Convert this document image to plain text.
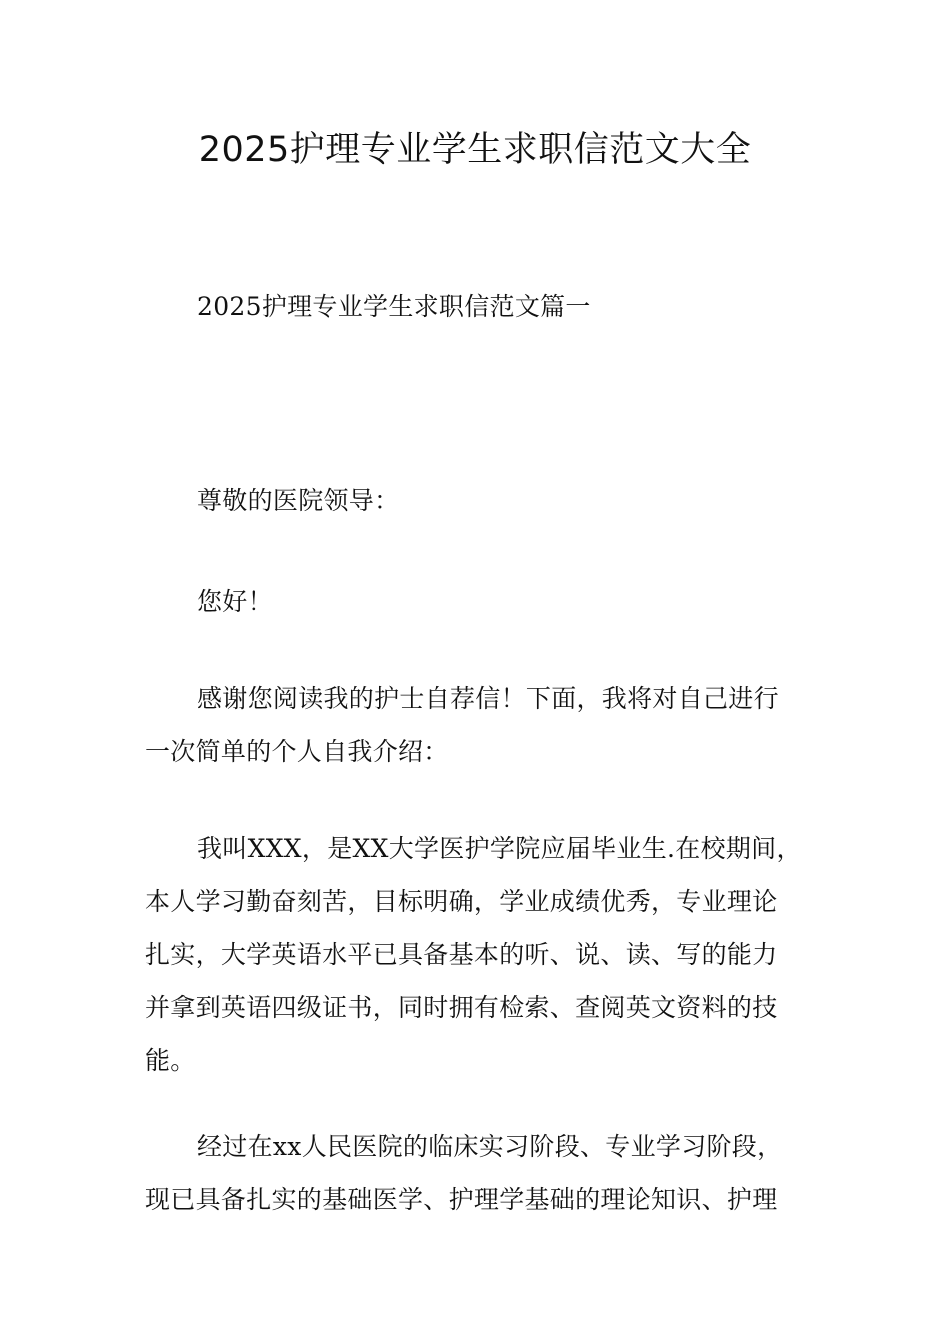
2025护理专业学生求职信范文大全

2025护理专业学生求职信范文篇一

尊敬的医院领导：

您好！

感谢您阅读我的护士自荐信！下面，我将对自己进行
一次简单的个人自我介绍：

我叫XXX，是XX大学医护学院应届毕业生.在校期间，
本人学习勤奋刻苦，目标明确，学业成绩优秀，专业理论
扎实，大学英语水平已具备基本的听、说、读、写的能力
并拿到英语四级证书，同时拥有检索、查阅英文资料的技
能。

经过在xx人民医院的临床实习阶段、专业学习阶段，
现已具备扎实的基础医学、护理学基础的理论知识、护理
